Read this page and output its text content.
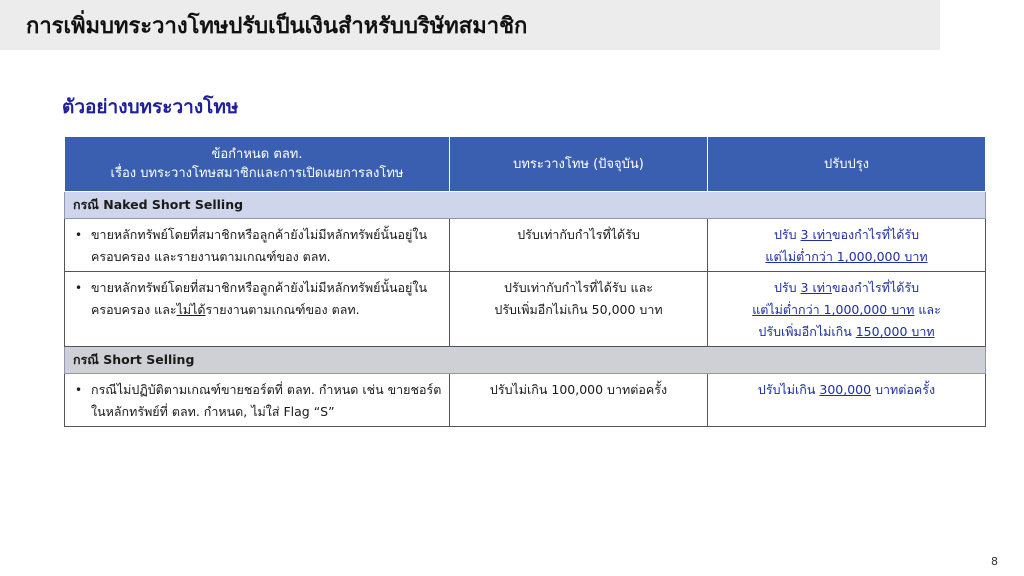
การเพิ่มบทระวางโทษปรับเป็นเงินสำหรับบริษัทสมาชิก
ตัวอย่างบทระวางโทษ
ข้อกำหนด ตลท.
เรื่อง บทระวางโทษสมาชิกและการเปิดเผยการลงโทษ	บทระวางโทษ (ปัจจุบัน)	ปรับปรุง
กรณี Naked Short Selling		

• ขายหลักทรัพย์โดยที่สมาชิกหรือลูกค้ายังไม่มีหลักทรัพย์นั้นอยู่ในครอบครอง และรายงานตามเกณฑ์ของ ตลท.	ปรับเท่ากับกำไรที่ได้รับ	ปรับ 3 เท่าของกำไรที่ได้รับ
แต่ไม่ต่ำกว่า 1,000,000 บาท

• ขายหลักทรัพย์โดยที่สมาชิกหรือลูกค้ายังไม่มีหลักทรัพย์นั้นอยู่ในครอบครอง และไม่ได้รายงานตามเกณฑ์ของ ตลท.	ปรับเท่ากับกำไรที่ได้รับ และ
ปรับเพิ่มอีกไม่เกิน 50,000 บาท	ปรับ 3 เท่าของกำไรที่ได้รับ
แต่ไม่ต่ำกว่า 1,000,000 บาท และ
ปรับเพิ่มอีกไม่เกิน 150,000 บาท

กรณี Short Selling		

• กรณีไม่ปฏิบัติตามเกณฑ์ขายชอร์ตที่ ตลท. กำหนด เช่น ขายชอร์ตในหลักทรัพย์ที่ ตลท. กำหนด, ไม่ใส่ Flag “S”	ปรับไม่เกิน 100,000 บาทต่อครั้ง	ปรับไม่เกิน 300,000 บาทต่อครั้ง
8
